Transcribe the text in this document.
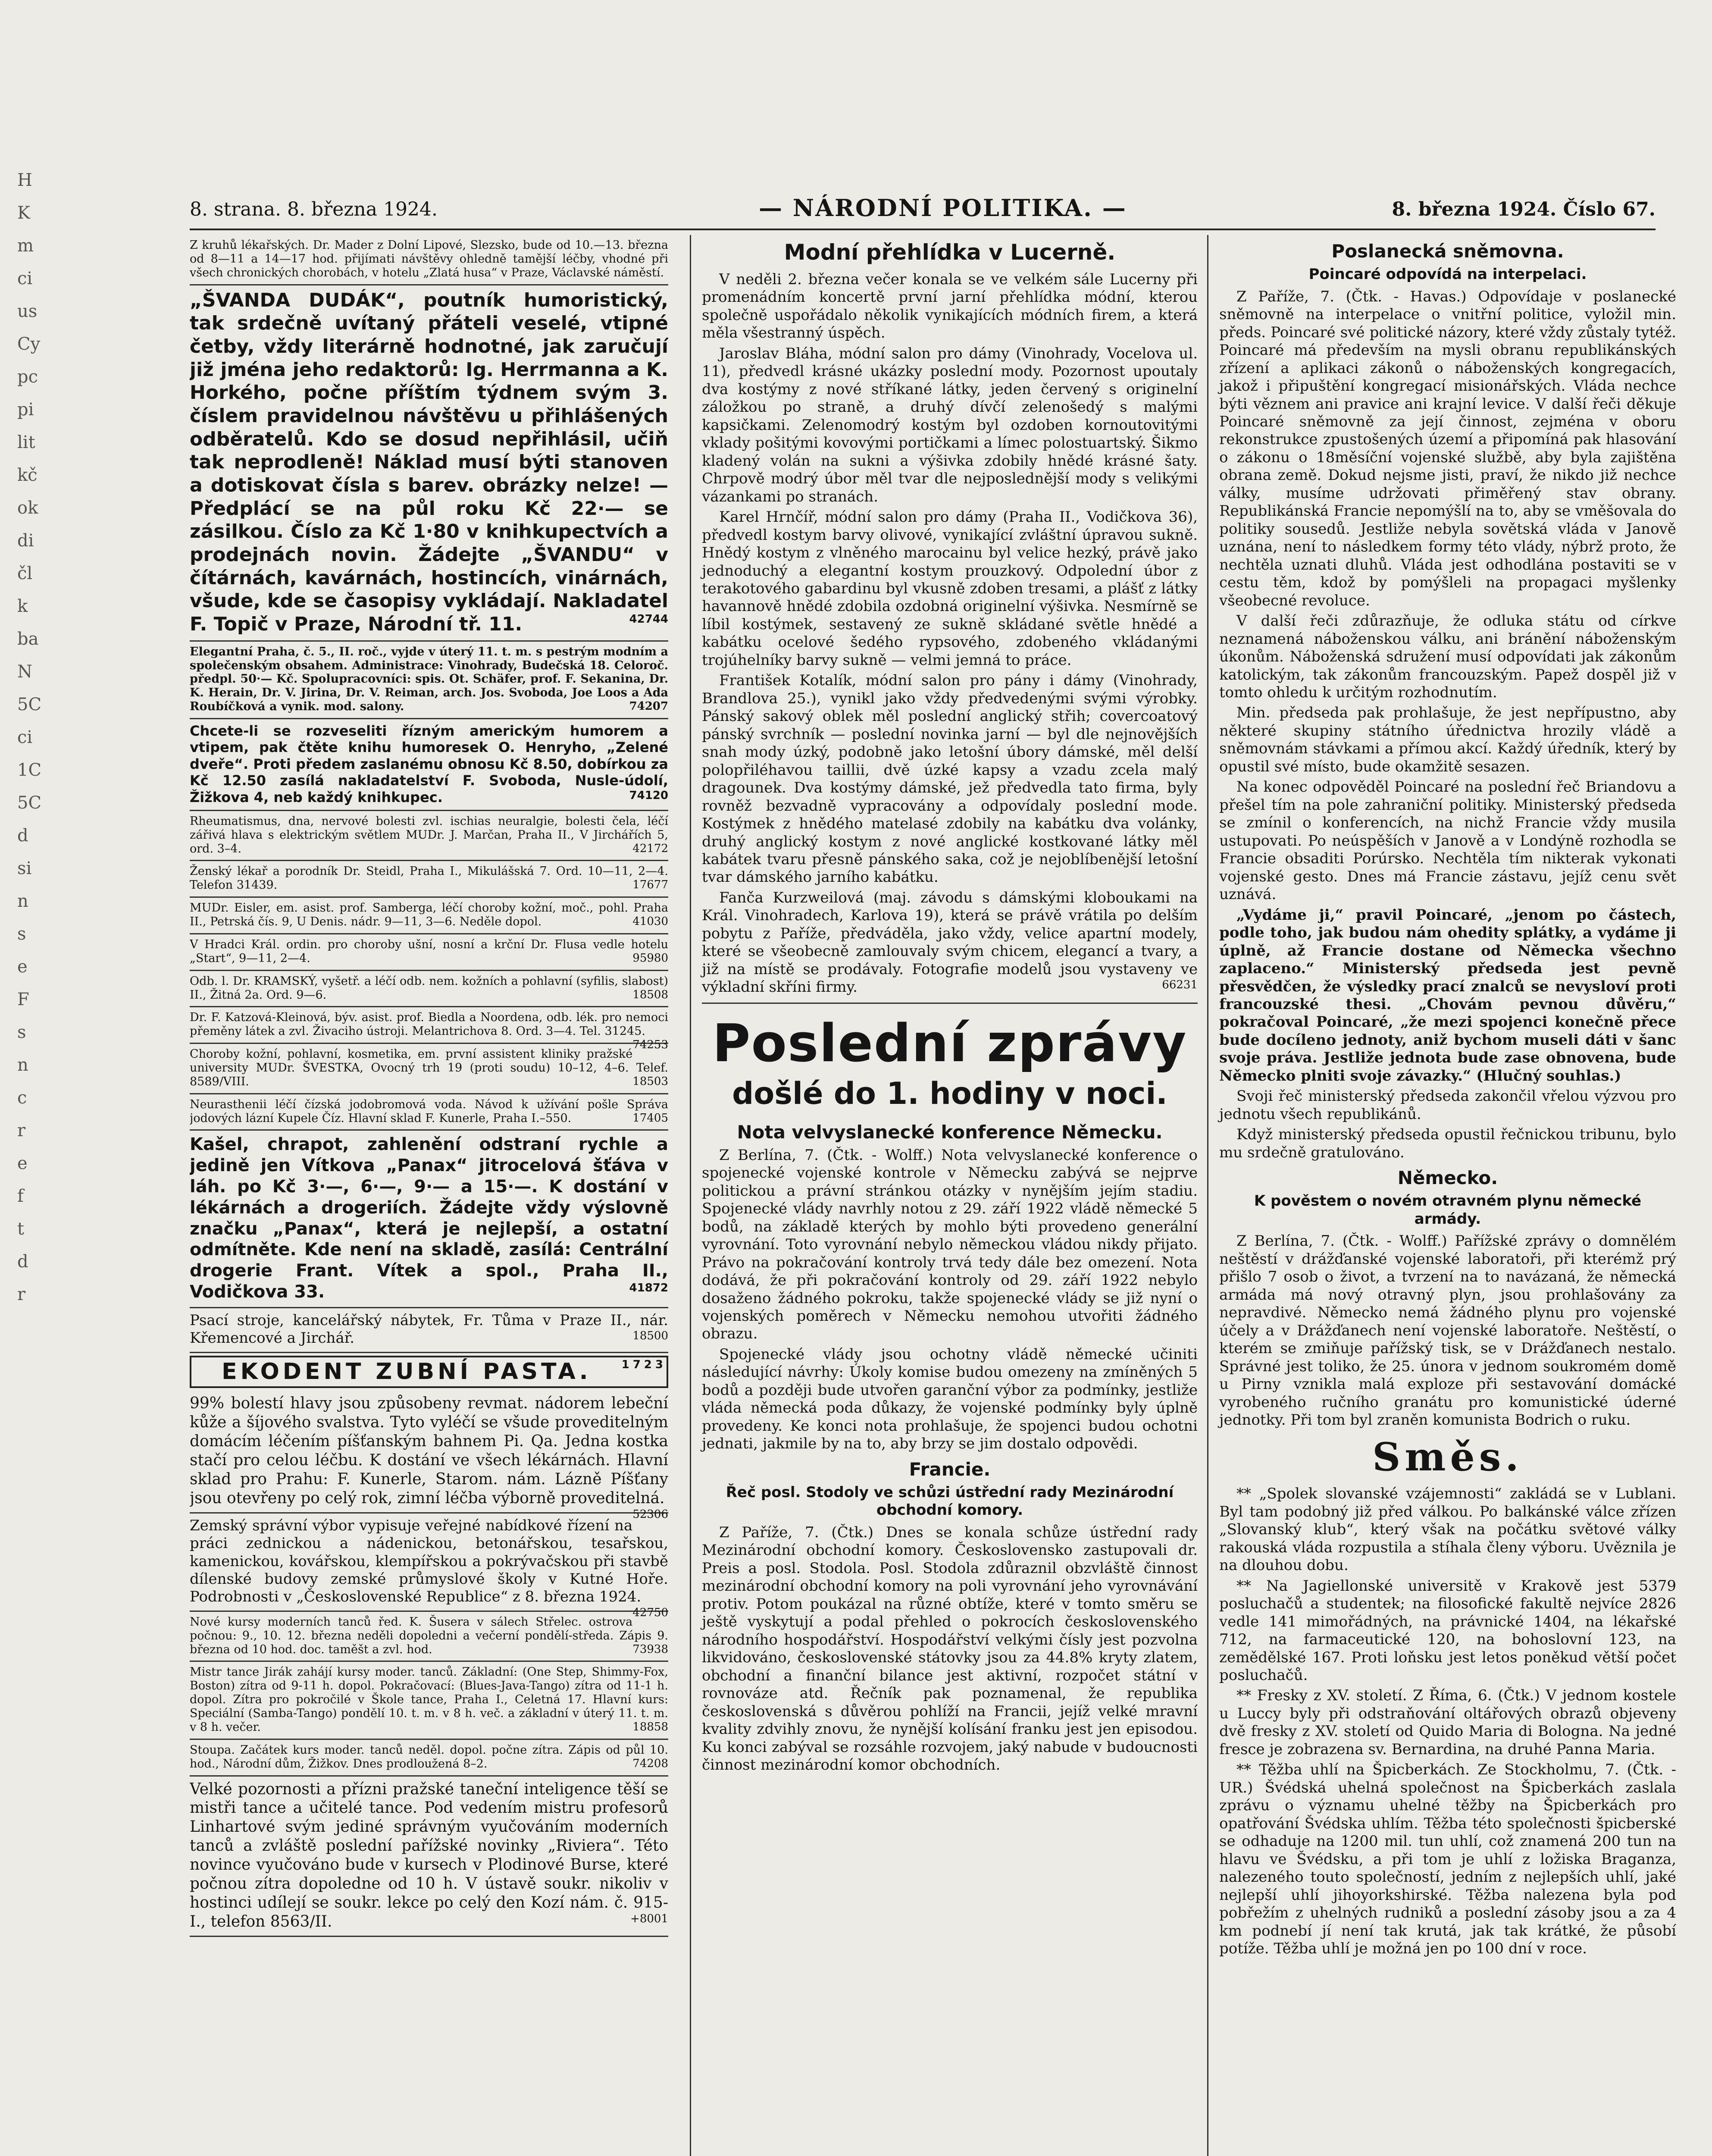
H
K
m
ci
us
Cy
pc
pi
lit
kč
ok
di
čl
k
ba
N
5C
ci
1C
5C
d
si
n
s
e
F
s
n
c
r
e
f
t
d
r
8. strana. 8. března 1924.	— NÁRODNÍ POLITIKA. —	8. března 1924. Číslo 67.

Z kruhů lékařských. Dr. Mader z Dolní Lipové, Slezsko, bude od 10.—13. března od 8—11 a 14—17 hod. přijímati návštěvy ohledně tamější léčby, vhodné při všech chronických chorobách, v hotelu „Zlatá husa“ v Praze, Václavské náměstí.

„ŠVANDA DUDÁK“, poutník humoristický, tak srdečně uvítaný přáteli veselé, vtipné četby, vždy literárně hodnotné, jak zaručují již jména jeho redaktorů: Ig. Herrmanna a K. Horkého, počne příštím týdnem svým 3. číslem pravidelnou návštěvu u přihlášených odběratelů. Kdo se dosud nepřihlásil, učiň tak neprodleně! Náklad musí býti stanoven a dotiskovat čísla s barev. obrázky nelze! — Předplácí se na půl roku Kč 22·— se zásilkou. Číslo za Kč 1·80 v knihkupectvích a prodejnách novin. Žádejte „ŠVANDU“ v čítárnách, kavárnách, hostincích, vinárnách, všude, kde se časopisy vykládají. Nakladatel F. Topič v Praze, Národní tř. 11.	42744

Elegantní Praha, č. 5., II. roč., vyjde v úterý 11. t. m. s pestrým modním a společenským obsahem. Administrace: Vinohrady, Budečská 18. Celoroč. předpl. 50·— Kč. Spolupracovníci: spis. Ot. Schäfer, prof. F. Sekanina, Dr. K. Herain, Dr. V. Jirina, Dr. V. Reiman, arch. Jos. Svoboda, Joe Loos a Ada Roubíčková a vynik. mod. salony.	74207

Chcete-li se rozveseliti řízným americkým humorem a vtipem, pak čtěte knihu humoresek O. Henryho, „Zelené dveře“. Proti předem zaslanému obnosu Kč 8.50, dobírkou za Kč 12.50 zasílá nakladatelství F. Svoboda, Nusle-údolí, Žižkova 4, neb každý knihkupec.	74120

Rheumatismus, dna, nervové bolesti zvl. ischias neuralgie, bolesti čela, léčí zářivá hlava s elektrickým světlem MUDr. J. Marčan, Praha II., V Jirchářích 5, ord. 3–4.	42172

Ženský lékař a porodník Dr. Steidl, Praha I., Mikulášská 7. Ord. 10—11, 2—4. Telefon 31439.	17677

MUDr. Eisler, em. asist. prof. Samberga, léčí choroby kožní, moč., pohl. Praha II., Petrská čís. 9, U Denis. nádr. 9—11, 3—6. Neděle dopol.	41030

V Hradci Král. ordin. pro choroby ušní, nosní a krční Dr. Flusa vedle hotelu „Start“, 9—11, 2—4.	95980

Odb. l. Dr. KRAMSKÝ, vyšetř. a léčí odb. nem. kožních a pohlavní (syfilis, slabost) II., Žitná 2a. Ord. 9—6.	18508

Dr. F. Katzová-Kleinová, býv. asist. prof. Biedla a Noordena, odb. lék. pro nemoci přeměny látek a zvl. Živaciho ústroji. Melantrichova 8. Ord. 3—4. Tel. 31245.
74253

Choroby kožní, pohlavní, kosmetika, em. první assistent kliniky pražské university MUDr. ŠVESTKA, Ovocný trh 19 (proti soudu) 10–12, 4–6. Telef. 8589/VIII.	18503

Neurasthenii léčí čízská jodobromová voda. Návod k užívání pošle Správa jodových lázní Kupele Číz. Hlavní sklad F. Kunerle, Praha I.–550.	17405

Kašel, chrapot, zahlenění odstraní rychle a jedině jen Vítkova „Panax“ jitrocelová šťáva v láh. po Kč 3·—, 6·—, 9·— a 15·—. K dostání v lékárnách a drogeriích. Žádejte vždy výslovně značku „Panax“, která je nejlepší, a ostatní odmítněte. Kde není na skladě, zasílá: Centrální drogerie Frant. Vítek a spol., Praha II., Vodičkova 33.	41872

Psací stroje, kancelářský nábytek, Fr. Tůma v Praze II., nár. Křemencové a Jirchář.	18500

EKODENT ZUBNÍ PASTA.	1723

99% bolestí hlavy jsou způsobeny revmat. nádorem lebeční kůže a šíjového svalstva. Tyto vyléčí se všude proveditelným domácím léčením píšťanským bahnem Pi. Qa. Jedna kostka stačí pro celou léčbu. K dostání ve všech lékárnách. Hlavní sklad pro Prahu: F. Kunerle, Starom. nám. Lázně Píšťany jsou otevřeny po celý rok, zimní léčba výborně proveditelná.
52306

Zemský správní výbor vypisuje veřejné nabídkové řízení na práci zednickou a nádenickou, betonářskou, tesařskou, kamenickou, kovářskou, klempířskou a pokrývačskou při stavbě dílenské budovy zemské průmyslové školy v Kutné Hoře. Podrobnosti v „Československé Republice“ z 8. března 1924.
42750

Nové kursy moderních tanců řed. K. Šusera v sálech Střelec. ostrova počnou: 9., 10. 12. března neděli dopoledni a večerní pondělí-středa. Zápis 9. března od 10 hod. doc. taměšt a zvl. hod.	73938

Mistr tance Jirák zahájí kursy moder. tanců. Základní: (One Step, Shimmy-Fox, Boston) zítra od 9-11 h. dopol. Pokračovací: (Blues-Java-Tango) zítra od 11-1 h. dopol. Zítra pro pokročilé v Škole tance, Praha I., Celetná 17. Hlavní kurs: Speciální (Samba-Tango) pondělí 10. t. m. v 8 h. več. a základní v úterý 11. t. m. v 8 h. večer.	18858

Stoupa. Začátek kurs moder. tanců neděl. dopol. počne zítra. Zápis od půl 10. hod., Národní dům, Žižkov. Dnes prodloužená 8–2.	74208

Velké pozornosti a přízni pražské taneční inteligence těší se mistři tance a učitelé tance. Pod vedením mistru profesorů Linhartové svým jediné správným vyučováním moderních tanců a zvláště poslední pařížské novinky „Riviera“. Této novince vyučováno bude v kursech v Plodinové Burse, které počnou zítra dopoledne od 10 h. V ústavě soukr. nikoliv v hostinci udílejí se soukr. lekce po celý den Kozí nám. č. 915-I., telefon 8563/II.	+8001

Modní přehlídka v Lucerně.

V neděli 2. března večer konala se ve velkém sále Lucerny při promenádním koncertě první jarní přehlídka módní, kterou společně uspořádalo několik vynikajících módních firem, a která měla všestranný úspěch.

Jaroslav Bláha, módní salon pro dámy (Vinohrady, Vocelova ul. 11), předvedl krásné ukázky poslední mody. Pozornost upoutaly dva kostýmy z nové stříkané látky, jeden červený s originelní záložkou po straně, a druhý dívčí zelenošedý s malými kapsičkami. Zelenomodrý kostým byl ozdoben kornoutovitými vklady pošitými kovovými portičkami a límec polostuartský. Šikmo kladený volán na sukni a výšivka zdobily hnědé krásné šaty. Chrpově modrý úbor měl tvar dle nejposlednější mody s velikými vázankami po stranách.

Karel Hrnčíř, módní salon pro dámy (Praha II., Vodičkova 36), předvedl kostym barvy olivové, vynikající zvláštní úpravou sukně. Hnědý kostym z vlněného marocainu byl velice hezký, právě jako jednoduchý a elegantní kostym prouzkový. Odpolední úbor z terakotového gabardinu byl vkusně zdoben tresami, a plášť z látky havannově hnědé zdobila ozdobná originelní výšivka. Nesmírně se líbil kostýmek, sestavený ze sukně skládané světle hnědé a kabátku ocelové šedého rypsového, zdobeného vkládanými trojúhelníky barvy sukně — velmi jemná to práce.

František Kotalík, módní salon pro pány i dámy (Vinohrady, Brandlova 25.), vynikl jako vždy předvedenými svými výrobky. Pánský sakový oblek měl poslední anglický střih; covercoatový pánský svrchník — poslední novinka jarní — byl dle nejnovějších snah mody úzký, podobně jako letošní úbory dámské, měl delší polopřiléhavou taillii, dvě úzké kapsy a vzadu zcela malý dragounek. Dva kostýmy dámské, jež předvedla tato firma, byly rovněž bezvadně vypracovány a odpovídaly poslední mode. Kostýmek z hnědého matelasé zdobily na kabátku dva volánky, druhý anglický kostym z nové anglické kostkované látky měl kabátek tvaru přesně pánského saka, což je nejoblíbenější letošní tvar dámského jarního kabátku.

Fanča Kurzweilová (maj. závodu s dámskými kloboukami na Král. Vinohradech, Karlova 19), která se právě vrátila po delším pobytu z Paříže, předváděla, jako vždy, velice apartní modely, které se všeobecně zamlouvaly svým chicem, elegancí a tvary, a již na místě se prodávaly. Fotografie modelů jsou vystaveny ve výkladní skříni firmy.	66231

Poslední zprávy
došlé do 1. hodiny v noci.
Nota velvyslanecké konference Německu.

Z Berlína, 7. (Čtk. - Wolff.) Nota velvyslanecké konference o spojenecké vojenské kontrole v Německu zabývá se nejprve politickou a právní stránkou otázky v nynějším jejím stadiu. Spojenecké vlády navrhly notou z 29. září 1922 vládě německé 5 bodů, na základě kterých by mohlo býti provedeno generální vyrovnání. Toto vyrovnání nebylo německou vládou nikdy přijato. Právo na pokračování kontroly trvá tedy dále bez omezení. Nota dodává, že při pokračování kontroly od 29. září 1922 nebylo dosaženo žádného pokroku, takže spojenecké vlády se již nyní o vojenských poměrech v Německu nemohou utvořiti žádného obrazu.

Spojenecké vlády jsou ochotny vládě německé učiniti následující návrhy: Úkoly komise budou omezeny na zmíněných 5 bodů a později bude utvořen garanční výbor za podmínky, jestliže vláda německá poda důkazy, že vojenské podmínky byly úplně provedeny. Ke konci nota prohlašuje, že spojenci budou ochotni jednati, jakmile by na to, aby brzy se jim dostalo odpovědi.

Francie.
Řeč posl. Stodoly ve schůzi ústřední rady Mezinárodní obchodní komory.

Z Paříže, 7. (Čtk.) Dnes se konala schůze ústřední rady Mezinárodní obchodní komory. Československo zastupovali dr. Preis a posl. Stodola. Posl. Stodola zdůraznil obzvláště činnost mezinárodní obchodní komory na poli vyrovnání jeho vyrovnávání protiv. Potom poukázal na různé obtíže, které v tomto směru se ještě vyskytují a podal přehled o pokrocích československého národního hospodářství. Hospodářství velkými čísly jest pozvolna likvidováno, československé státovky jsou za 44.8% kryty zlatem, obchodní a finanční bilance jest aktivní, rozpočet státní v rovnováze atd. Řečník pak poznamenal, že republika československá s důvěrou pohlíží na Francii, jejíž velké mravní kvality zdvihly znovu, že nynější kolísání franku jest jen episodou. Ku konci zabýval se rozsáhle rozvojem, jaký nabude v budoucnosti činnost mezinárodní komor obchodních.

Poslanecká sněmovna.
Poincaré odpovídá na interpelaci.

Z Paříže, 7. (Čtk. - Havas.) Odpovídaje v poslanecké sněmovně na interpelace o vnitřní politice, vyložil min. předs. Poincaré své politické názory, které vždy zůstaly tytéž. Poincaré má především na mysli obranu republikánských zřízení a aplikaci zákonů o náboženských kongregacích, jakož i připuštění kongregací misionářských. Vláda nechce býti věznem ani pravice ani krajní levice. V další řeči děkuje Poincaré sněmovně za její činnost, zejména v oboru rekonstrukce zpustošených území a připomíná pak hlasování o zákonu o 18měsíční vojenské službě, aby byla zajištěna obrana země. Dokud nejsme jisti, praví, že nikdo již nechce války, musíme udržovati přiměřený stav obrany. Republikánská Francie nepomýšlí na to, aby se vměšovala do politiky sousedů. Jestliže nebyla sovětská vláda v Janově uznána, není to následkem formy této vlády, nýbrž proto, že nechtěla uznati dluhů. Vláda jest odhodlána postaviti se v cestu těm, kdož by pomýšleli na propagaci myšlenky všeobecné revoluce.

V další řeči zdůrazňuje, že odluka státu od církve neznamená náboženskou válku, ani bránění náboženským úkonům. Náboženská sdružení musí odpovídati jak zákonům katolickým, tak zákonům francouzským. Papež dospěl již v tomto ohledu k určitým rozhodnutím.

Min. předseda pak prohlašuje, že jest nepřípustno, aby některé skupiny státního úřednictva hrozily vládě a sněmovnám stávkami a přímou akcí. Každý úředník, který by opustil své místo, bude okamžitě sesazen.

Na konec odpověděl Poincaré na poslední řeč Briandovu a přešel tím na pole zahraniční politiky. Ministerský předseda se zmínil o konferencích, na nichž Francie vždy musila ustupovati. Po neúspěších v Janově a v Londýně rozhodla se Francie obsaditi Porúrsko. Nechtěla tím nikterak vykonati vojenské gesto. Dnes má Francie zástavu, jejíž cenu svět uznává.

„Vydáme ji,“ pravil Poincaré, „jenom po částech, podle toho, jak budou nám ohedity splátky, a vydáme ji úplně, až Francie dostane od Německa všechno zaplaceno.“ Ministerský předseda jest pevně přesvědčen, že výsledky prací znalců se nevysloví proti francouzské thesi. „Chovám pevnou důvěru,“ pokračoval Poincaré, „že mezi spojenci konečně přece bude docíleno jednoty, aniž bychom museli dáti v šanc svoje práva. Jestliže jednota bude zase obnovena, bude Německo plniti svoje závazky.“ (Hlučný souhlas.)

Svoji řeč ministerský předseda zakončil vřelou výzvou pro jednotu všech republikánů.

Když ministerský předseda opustil řečnickou tribunu, bylo mu srdečně gratulováno.

Německo.
K pověstem o novém otravném plynu německé armády.

Z Berlína, 7. (Čtk. - Wolff.) Pařížské zprávy o domnělém neštěstí v drážďanské vojenské laboratoři, při kterémž prý přišlo 7 osob o život, a tvrzení na to navázaná, že německá armáda má nový otravný plyn, jsou prohlašovány za nepravdivé. Německo nemá žádného plynu pro vojenské účely a v Drážďanech není vojenské laboratoře. Neštěstí, o kterém se zmiňuje pařížský tisk, se v Drážďanech nestalo. Správné jest toliko, že 25. února v jednom soukromém domě u Pirny vznikla malá exploze při sestavování domácké vyrobeného ručního granátu pro komunistické úderné jednotky. Při tom byl zraněn komunista Bodrich o ruku.

Směs.

** „Spolek slovanské vzájemnosti“ zakládá se v Lublani. Byl tam podobný již před válkou. Po balkánské válce zřízen „Slovanský klub“, který však na počátku světové války rakouská vláda rozpustila a stíhala členy výboru. Uvěznila je na dlouhou dobu.

** Na Jagiellonské universitě v Krakově jest 5379 posluchačů a studentek; na filosofické fakultě nejvíce 2826 vedle 141 mimořádných, na právnické 1404, na lékařské 712, na farmaceutické 120, na bohoslovní 123, na zemědělské 167. Proti loňsku jest letos poněkud větší počet posluchačů.

** Fresky z XV. století. Z Říma, 6. (Čtk.) V jednom kostele u Luccy byly při odstraňování oltářových obrazů objeveny dvě fresky z XV. století od Quido Maria di Bologna. Na jedné fresce je zobrazena sv. Bernardina, na druhé Panna Maria.

** Těžba uhlí na Špicberkách. Ze Stockholmu, 7. (Čtk. - UR.) Švédská uhelná společnost na Špicberkách zaslala zprávu o významu uhelné těžby na Špicberkách pro opatřování Švédska uhlím. Těžba této společnosti špicberské se odhaduje na 1200 mil. tun uhlí, což znamená 200 tun na hlavu ve Švédsku, a při tom je uhlí z ložiska Braganza, nalezeného touto společností, jedním z nejlepších uhlí, jaké nejlepší uhlí jihoyorkshirské. Těžba nalezena byla pod pobřežím z uhelných rudniků a poslední zásoby jsou a za 4 km podnebí jí není tak krutá, jak tak krátké, že působí potíže. Těžba uhlí je možná jen po 100 dní v roce.
